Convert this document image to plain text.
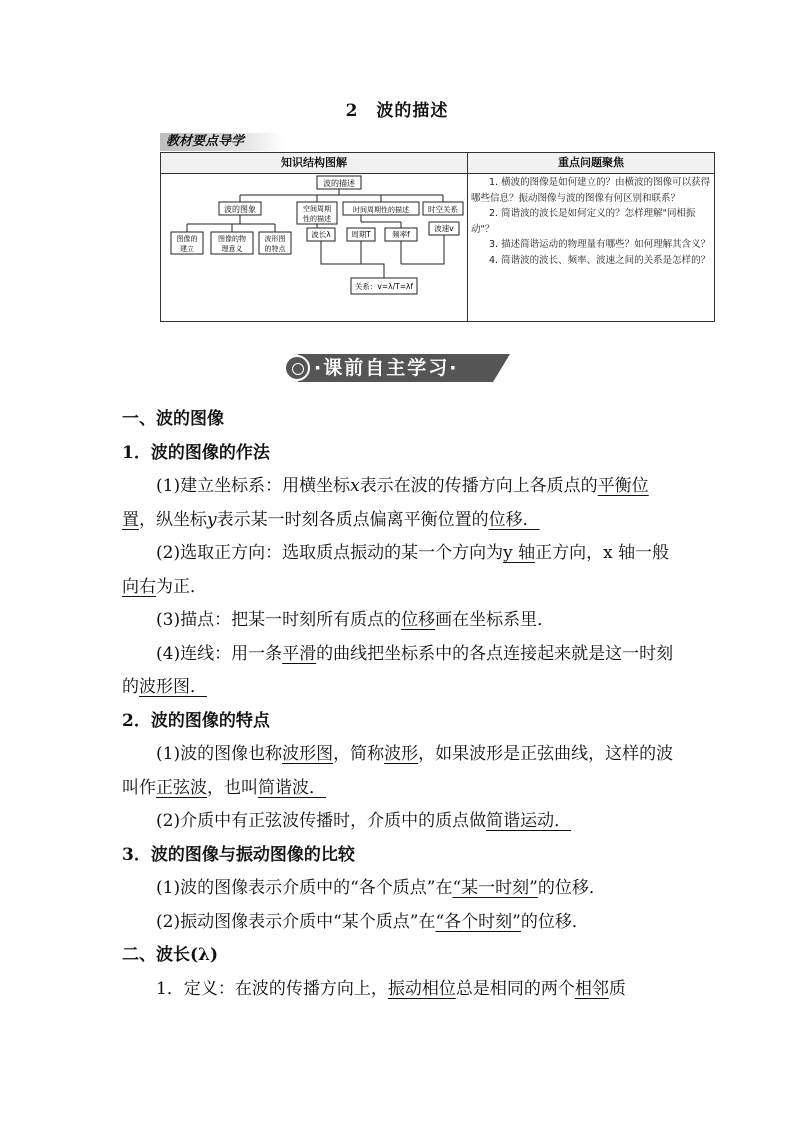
2　波的描述
教材要点导学
知识结构图解	重点问题聚焦
波的描述
波的图象	空间周期
性的描述
时间周期性的描述	时空关系
图像的
建立
图像的物
理意义
波形图
的特点
波长λ	周期T	频率f
波速v
关系：v=λ/T=λf

1. 横波的图像是如何建立的？由横波的图像可以获得哪些信息？振动图像与波的图像有何区别和联系？

2. 简谐波的波长是如何定义的？怎样理解"同相振动"？

3. 描述简谐运动的物理量有哪些？如何理解其含义？

4. 简谐波的波长、频率、波速之间的关系是怎样的？

·课前自主学习·

一、波的图像

1．波的图像的作法

(1)建立坐标系：用横坐标x表示在波的传播方向上各质点的平衡位置，纵坐标y表示某一时刻各质点偏离平衡位置的位移．

(2)选取正方向：选取质点振动的某一个方向为y 轴正方向，x 轴一般向右为正．

(3)描点：把某一时刻所有质点的位移画在坐标系里．

(4)连线：用一条平滑的曲线把坐标系中的各点连接起来就是这一时刻的波形图．

2．波的图像的特点

(1)波的图像也称波形图，简称波形，如果波形是正弦曲线，这样的波叫作正弦波，也叫简谐波．

(2)介质中有正弦波传播时，介质中的质点做简谐运动．

3．波的图像与振动图像的比较

(1)波的图像表示介质中的“各个质点”在“某一时刻”的位移．

(2)振动图像表示介质中“某个质点”在“各个时刻”的位移．

二、波长(λ)

1．定义：在波的传播方向上，振动相位总是相同的两个相邻质
